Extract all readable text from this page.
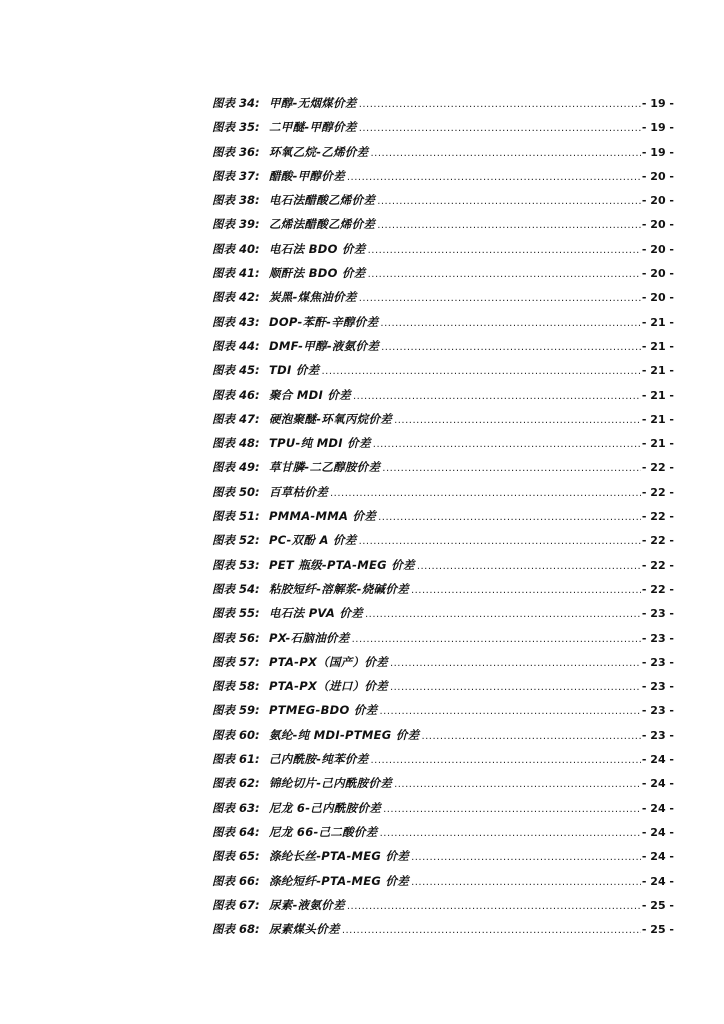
图表 34: 甲醇-无烟煤价差 .....	- 19 -
图表 35: 二甲醚-甲醇价差 .....	- 19 -
图表 36: 环氧乙烷-乙烯价差 .....	- 19 -
图表 37: 醋酸-甲醇价差 .....	- 20 -
图表 38: 电石法醋酸乙烯价差 .....	- 20 -
图表 39: 乙烯法醋酸乙烯价差 .....	- 20 -
图表 40: 电石法 BDO 价差 .....	- 20 -
图表 41: 顺酐法 BDO 价差 .....	- 20 -
图表 42: 炭黑-煤焦油价差 .....	- 20 -
图表 43: DOP-苯酐-辛醇价差 .....	- 21 -
图表 44: DMF-甲醇-液氨价差 .....	- 21 -
图表 45: TDI 价差 .....	- 21 -
图表 46: 聚合 MDI 价差 .....	- 21 -
图表 47: 硬泡聚醚-环氧丙烷价差 .....	- 21 -
图表 48: TPU-纯 MDI 价差 .....	- 21 -
图表 49: 草甘膦-二乙醇胺价差 .....	- 22 -
图表 50: 百草枯价差 .....	- 22 -
图表 51: PMMA-MMA 价差 .....	- 22 -
图表 52: PC-双酚 A 价差 .....	- 22 -
图表 53: PET 瓶级-PTA-MEG 价差 .....	- 22 -
图表 54: 粘胶短纤-溶解浆-烧碱价差 .....	- 22 -
图表 55: 电石法 PVA 价差 .....	- 23 -
图表 56: PX-石脑油价差 .....	- 23 -
图表 57: PTA-PX（国产）价差 .....	- 23 -
图表 58: PTA-PX（进口）价差 .....	- 23 -
图表 59: PTMEG-BDO 价差 .....	- 23 -
图表 60: 氨纶-纯 MDI-PTMEG 价差 .....	- 23 -
图表 61: 己内酰胺-纯苯价差 .....	- 24 -
图表 62: 锦纶切片-己内酰胺价差 .....	- 24 -
图表 63: 尼龙 6-己内酰胺价差 .....	- 24 -
图表 64: 尼龙 66-己二酸价差 .....	- 24 -
图表 65: 涤纶长丝-PTA-MEG 价差 .....	- 24 -
图表 66: 涤纶短纤-PTA-MEG 价差 .....	- 24 -
图表 67: 尿素-液氨价差 .....	- 25 -
图表 68: 尿素煤头价差 .....	- 25 -
